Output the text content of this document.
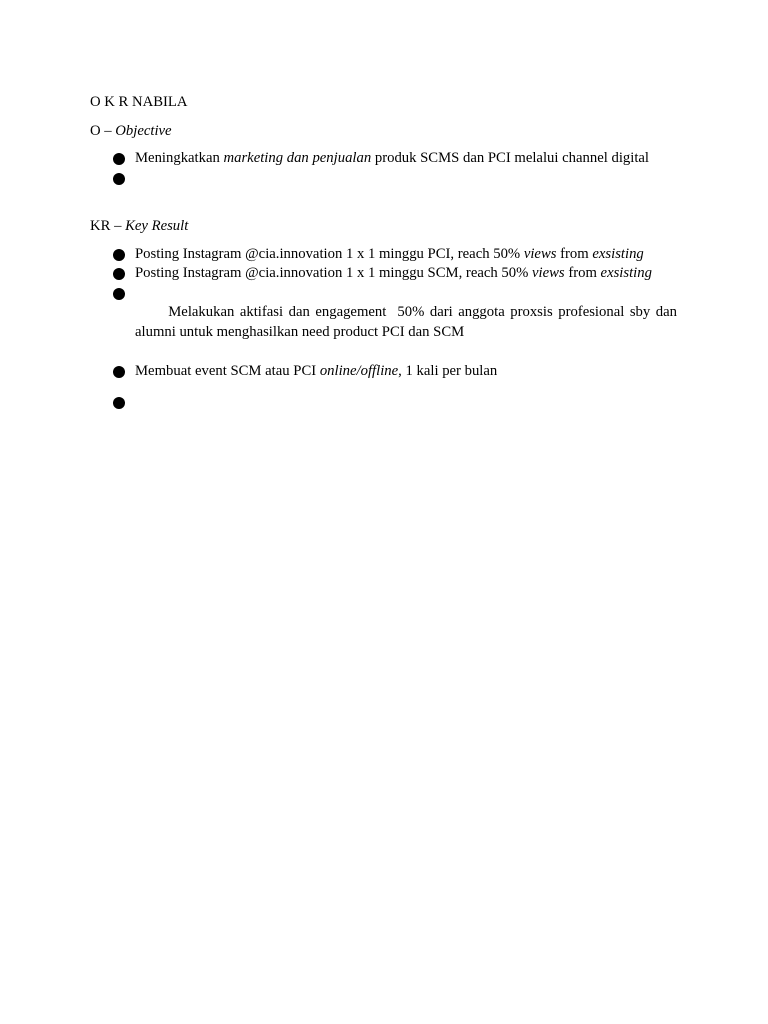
O K R NABILA

O – Objective

Meningkatkan marketing dan penjualan produk SCMS dan PCI melalui channel digital

KR – Key Result

Posting Instagram @cia.innovation 1 x 1 minggu PCI, reach 50% views from exsisting
Posting Instagram @cia.innovation 1 x 1 minggu SCM, reach 50% views from exsisting

Melakukan aktifasi dan engagement  50% dari anggota proxsis profesional sby dan alumni untuk menghasilkan need product PCI dan SCM

Membuat event SCM atau PCI online/offline, 1 kali per bulan
